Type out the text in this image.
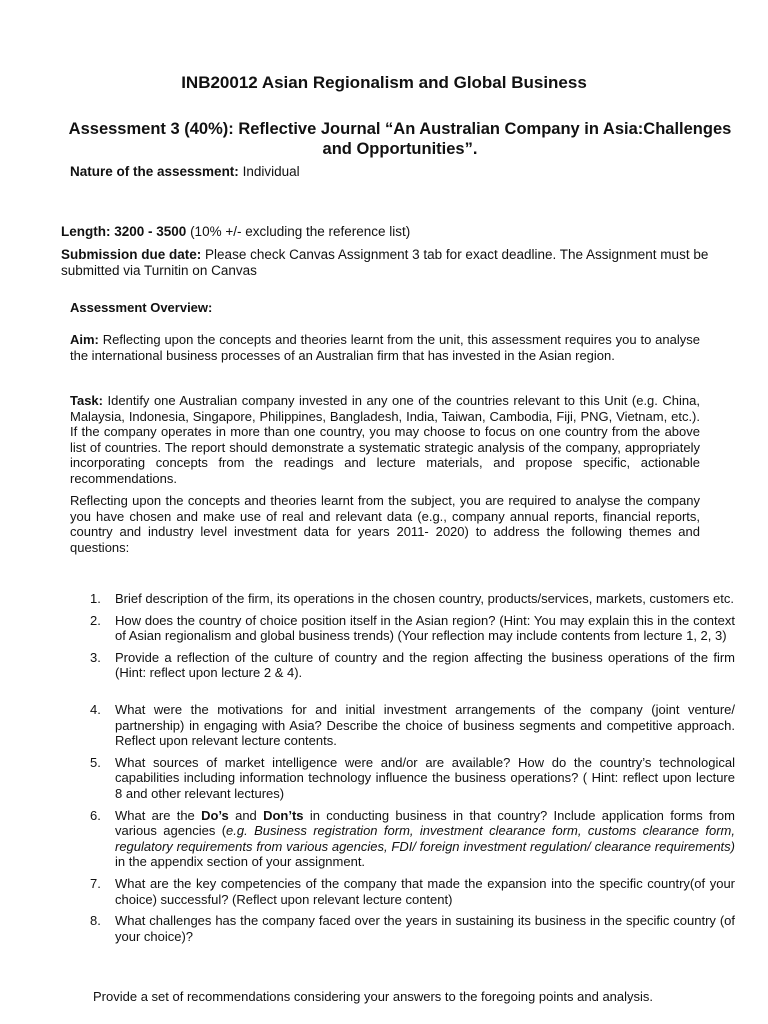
INB20012 Asian Regionalism and Global Business
Assessment 3 (40%): Reflective Journal “An Australian Company in Asia:Challenges and Opportunities”.
Nature of the assessment: Individual
Length: 3200 - 3500 (10% +/- excluding the reference list)
Submission due date: Please check Canvas Assignment 3 tab for exact deadline. The Assignment must be submitted via Turnitin on Canvas
Assessment Overview:
Aim: Reflecting upon the concepts and theories learnt from the unit, this assessment requires you to analyse the international business processes of an Australian firm that has invested in the Asian region.
Task: Identify one Australian company invested in any one of the countries relevant to this Unit (e.g. China, Malaysia, Indonesia, Singapore, Philippines, Bangladesh, India, Taiwan, Cambodia, Fiji, PNG, Vietnam, etc.). If the company operates in more than one country, you may choose to focus on one country from the above list of countries. The report should demonstrate a systematic strategic analysis of the company, appropriately incorporating concepts from the readings and lecture materials, and propose specific, actionable recommendations.
Reflecting upon the concepts and theories learnt from the subject, you are required to analyse the company you have chosen and make use of real and relevant data (e.g., company annual reports, financial reports, country and industry level investment data for years 2011- 2020) to address the following themes and questions:
1. Brief description of the firm, its operations in the chosen country, products/services, markets, customers etc.
2. How does the country of choice position itself in the Asian region? (Hint: You may explain this in the context of Asian regionalism and global business trends) (Your reflection may include contents from lecture 1, 2, 3)
3. Provide a reflection of the culture of country and the region affecting the business operations of the firm (Hint: reflect upon lecture 2 & 4).
4. What were the motivations for and initial investment arrangements of the company (joint venture/ partnership) in engaging with Asia? Describe the choice of business segments and competitive approach. Reflect upon relevant lecture contents.
5. What sources of market intelligence were and/or are available? How do the country’s technological capabilities including information technology influence the business operations? ( Hint: reflect upon lecture 8 and other relevant lectures)
6. What are the Do’s and Don’ts in conducting business in that country? Include application forms from various agencies (e.g. Business registration form, investment clearance form, customs clearance form, regulatory requirements from various agencies, FDI/ foreign investment regulation/ clearance requirements) in the appendix section of your assignment.
7. What are the key competencies of the company that made the expansion into the specific country(of your choice) successful? (Reflect upon relevant lecture content)
8. What challenges has the company faced over the years in sustaining its business in the specific country (of your choice)?
Provide a set of recommendations considering your answers to the foregoing points and analysis.
